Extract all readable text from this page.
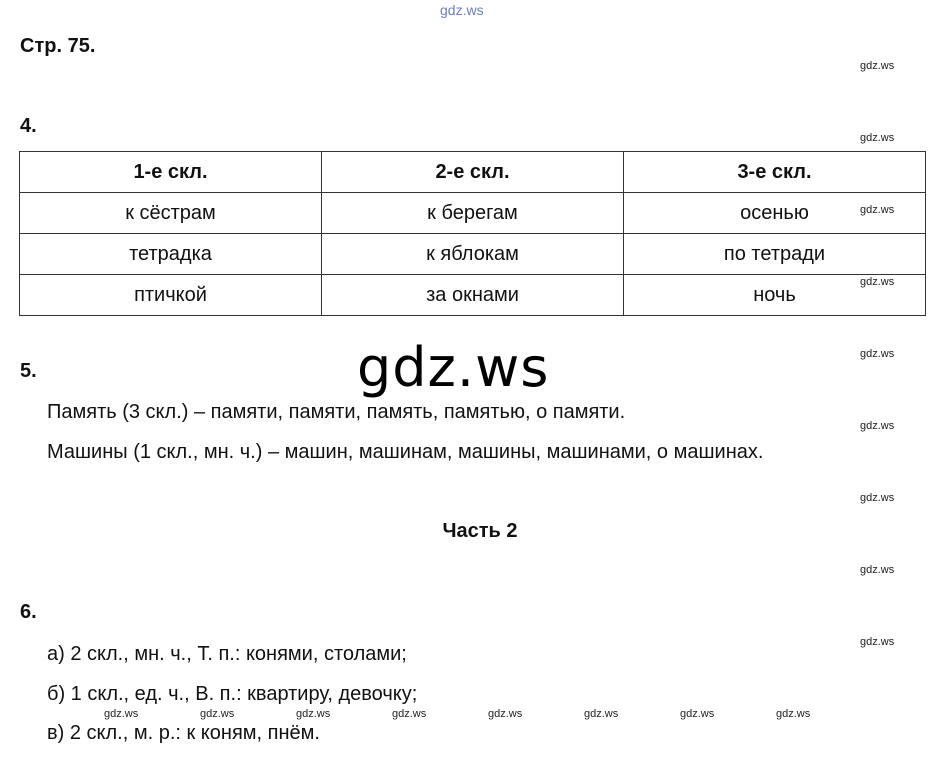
gdz.ws
Стр. 75.
gdz.ws
gdz.ws
gdz.ws
gdz.ws
gdz.ws
gdz.ws
gdz.ws
gdz.ws
gdz.ws
4.
1-е скл.	2-е скл.	3-е скл.
к сёстрам	к берегам	осенью
тетрадка	к яблокам	по тетради
птичкой	за окнами	ночь
5.	gdz.ws
Память (3 скл.) – памяти, памяти, память, памятью, о памяти.
Машины (1 скл., мн. ч.) – машин, машинам, машины, машинами, о машинах.
Часть 2
6.
а) 2 скл., мн. ч., Т. п.: конями, столами;
б) 1 скл., ед. ч., В. п.: квартиру, девочку;
gdz.ws	gdz.ws	gdz.ws	gdz.ws	gdz.ws	gdz.ws	gdz.ws	gdz.ws
в) 2 скл., м. р.: к коням, пнём.
